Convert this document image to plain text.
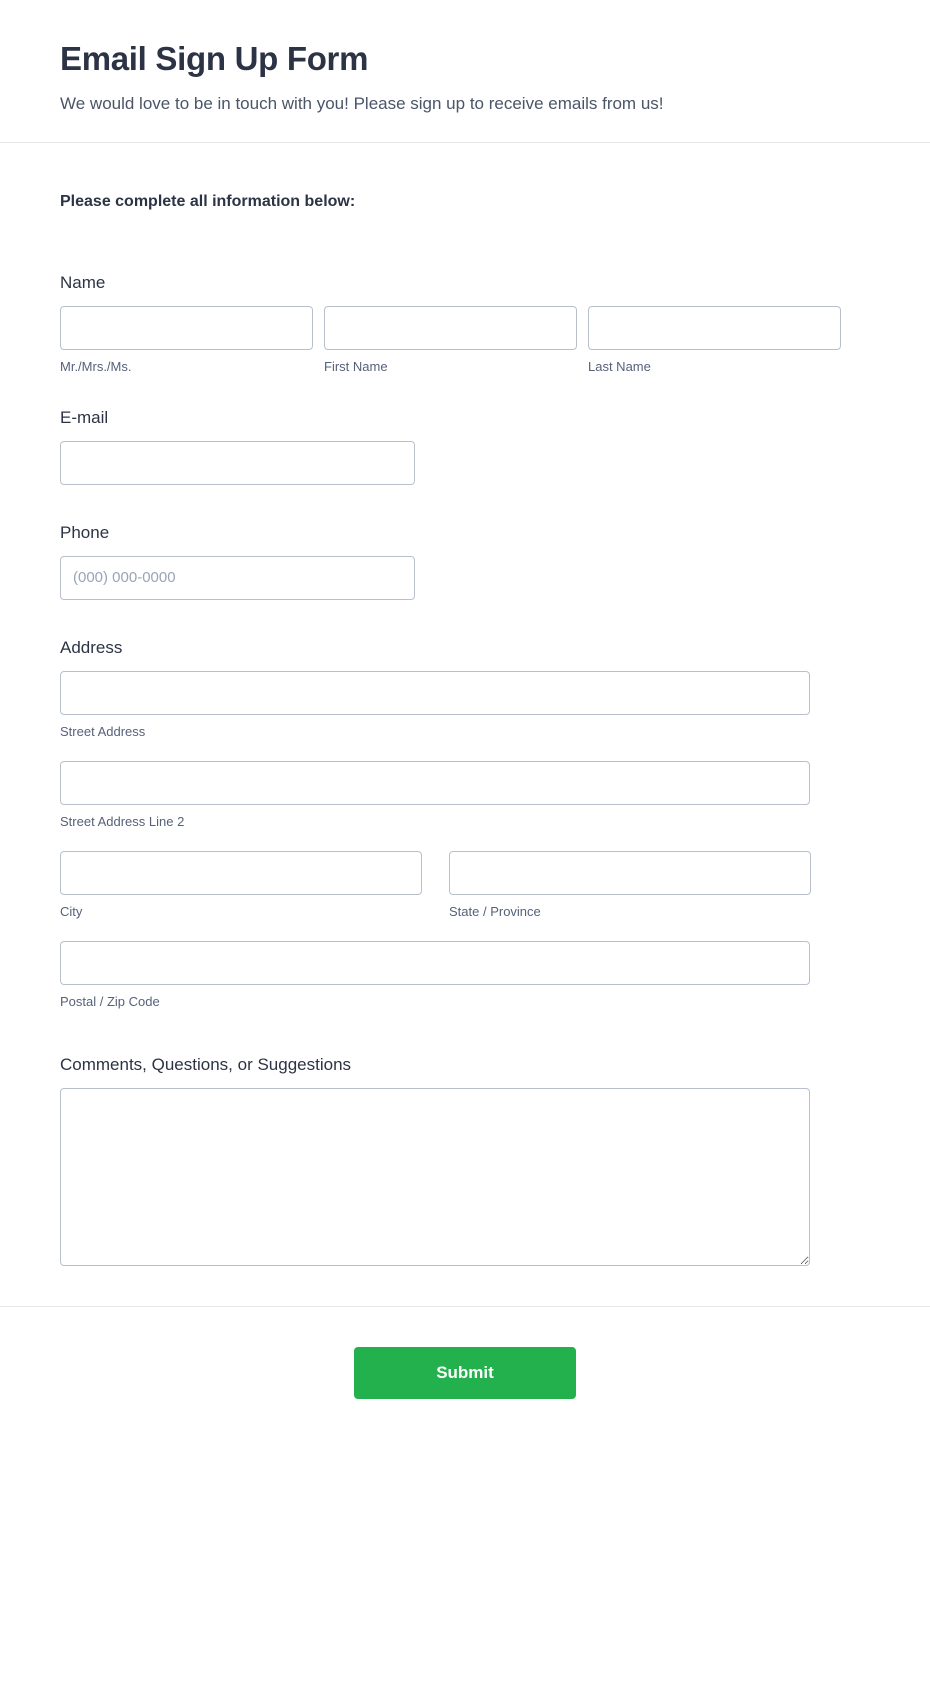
Email Sign Up Form

We would love to be in touch with you! Please sign up to receive emails from us!

Please complete all information below:
Name
Mr./Mrs./Ms.	First Name	Last Name
E-mail
Phone
(000) 000-0000
Address
Street Address
Street Address Line 2
City	State / Province
Postal / Zip Code
Comments, Questions, or Suggestions
Submit
